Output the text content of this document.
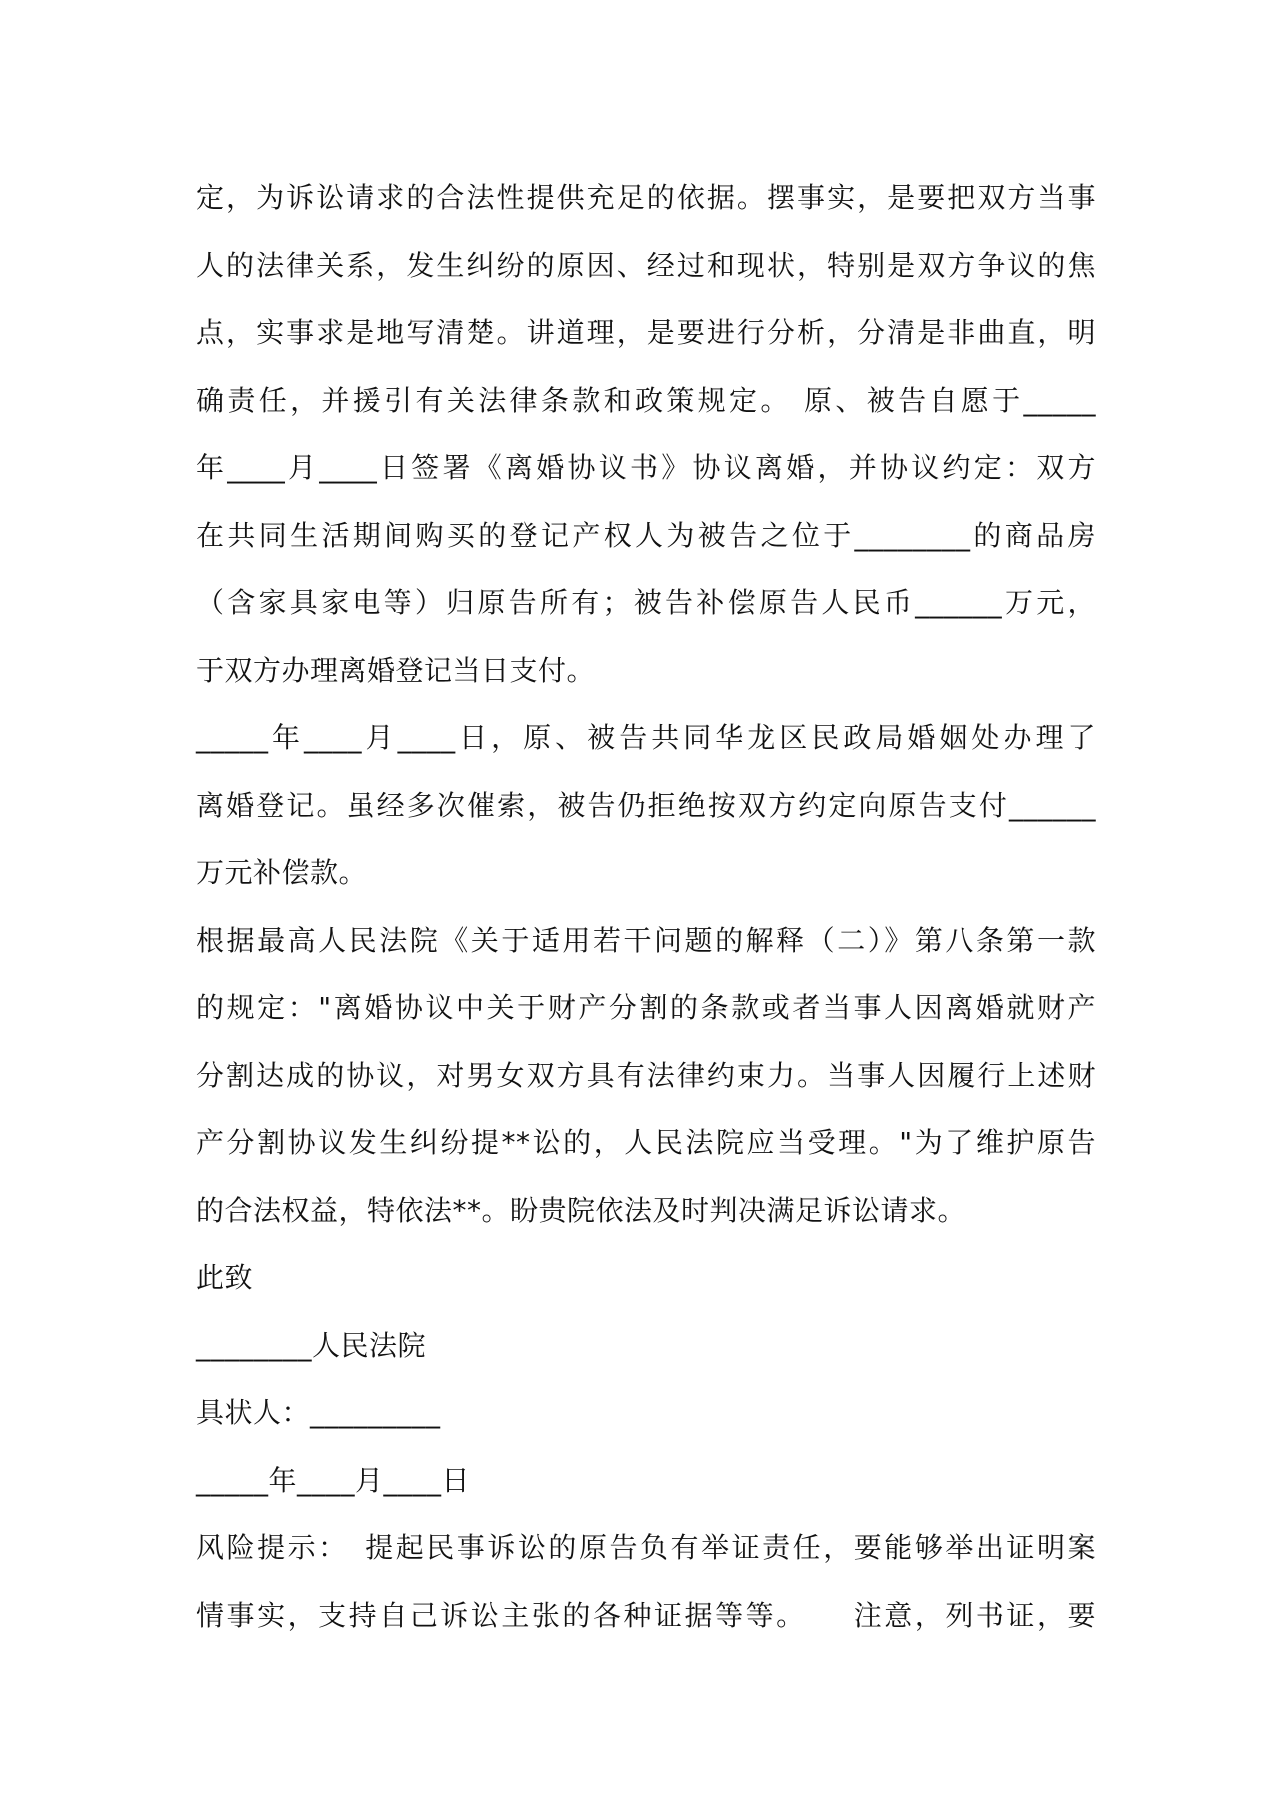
定，为诉讼请求的合法性提供充足的依据。摆事实，是要把双方当事
人的法律关系，发生纠纷的原因、经过和现状，特别是双方争议的焦
点，实事求是地写清楚。讲道理，是要进行分析，分清是非曲直，明
确责任，并援引有关法律条款和政策规定。 原、被告自愿于_____
年____月____日签署《离婚协议书》协议离婚，并协议约定：双方
在共同生活期间购买的登记产权人为被告之位于________的商品房
（含家具家电等）归原告所有；被告补偿原告人民币______万元，
于双方办理离婚登记当日支付。
_____年____月____日，原、被告共同华龙区民政局婚姻处办理了
离婚登记。虽经多次催索，被告仍拒绝按双方约定向原告支付______
万元补偿款。
根据最高人民法院《关于适用若干问题的解释（二）》第八条第一款
的规定："离婚协议中关于财产分割的条款或者当事人因离婚就财产
分割达成的协议，对男女双方具有法律约束力。当事人因履行上述财
产分割协议发生纠纷提**讼的，人民法院应当受理。"为了维护原告
的合法权益，特依法**。盼贵院依法及时判决满足诉讼请求。
此致
________人民法院
具状人：_________
_____年____月____日
风险提示：　提起民事诉讼的原告负有举证责任，要能够举出证明案
情事实，支持自己诉讼主张的各种证据等等。　　注意，列书证，要
